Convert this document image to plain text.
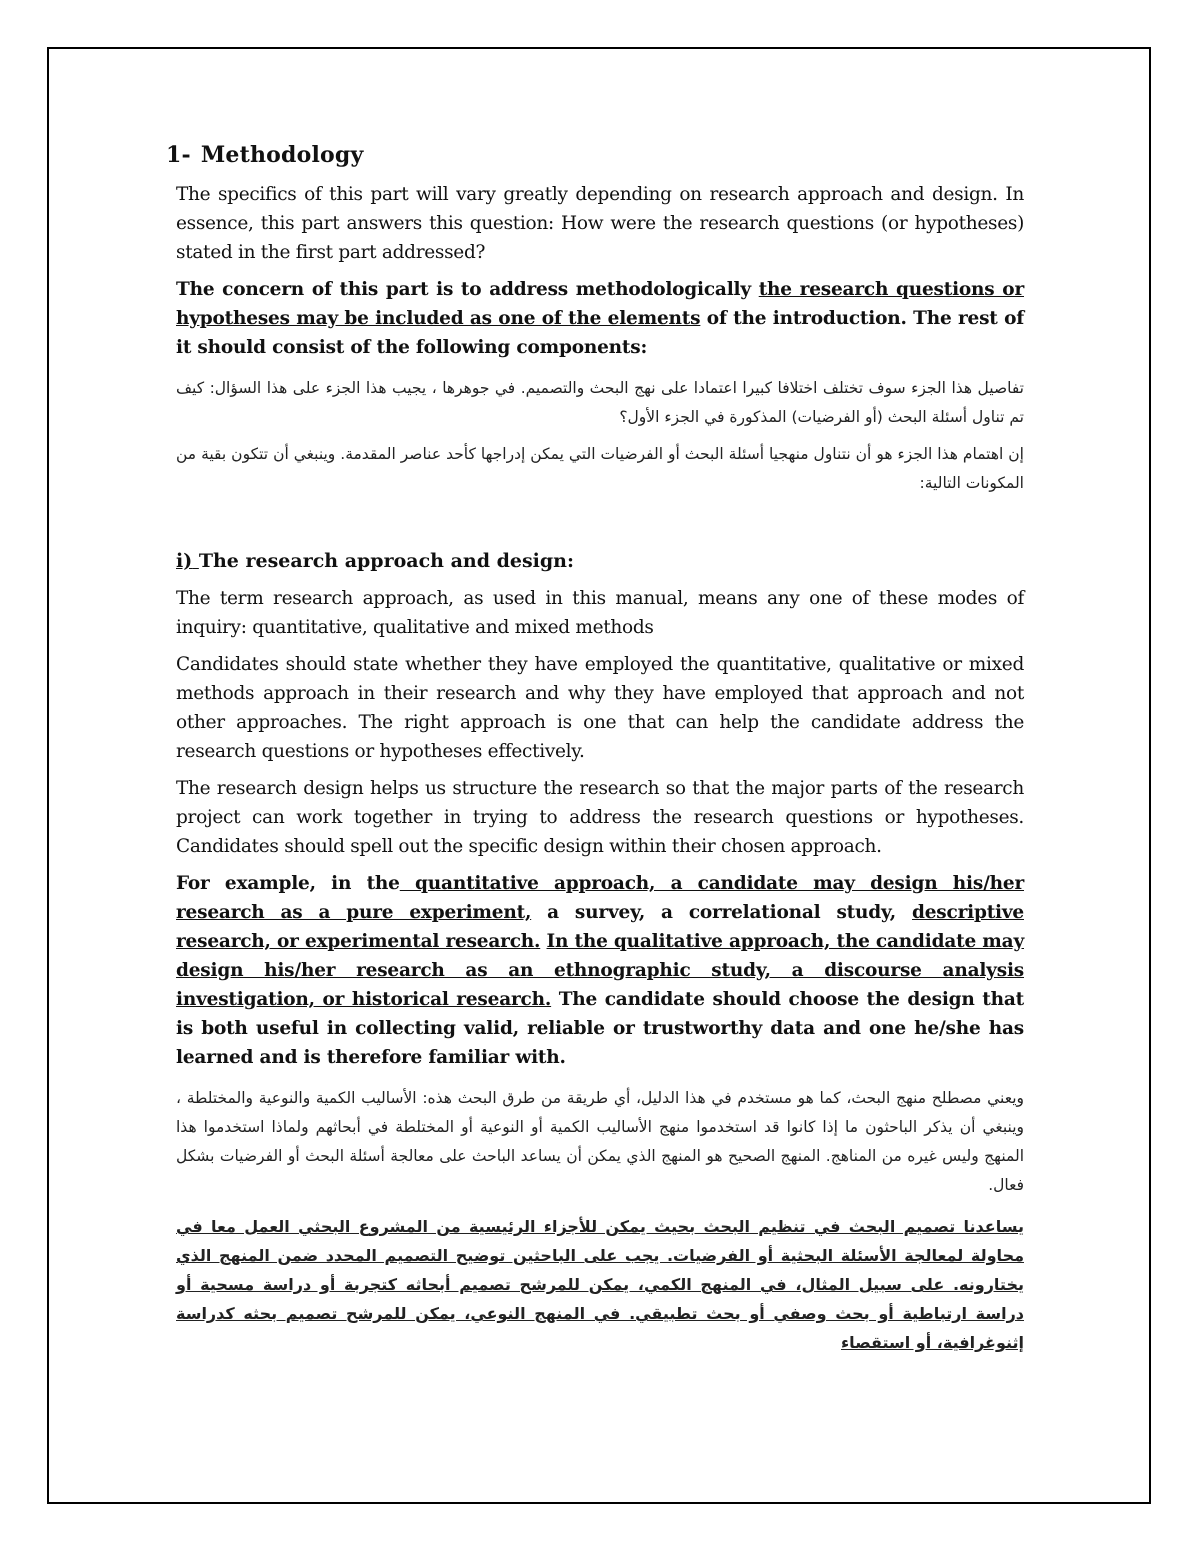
1- Methodology

The specifics of this part will vary greatly depending on research approach and design. In essence, this part answers this question: How were the research questions (or hypotheses) stated in the first part addressed?

The concern of this part is to address methodologically the research questions or hypotheses may be included as one of the elements of the introduction. The rest of it should consist of the following components:

تفاصيل هذا الجزء سوف تختلف اختلافا كبيرا اعتمادا على نهج البحث والتصميم. في جوهرها ، يجيب هذا الجزء على هذا السؤال: كيف تم تناول أسئلة البحث (أو الفرضيات) المذكورة في الجزء الأول؟

إن اهتمام هذا الجزء هو أن نتناول منهجيا أسئلة البحث أو الفرضيات التي يمكن إدراجها كأحد عناصر المقدمة. وينبغي أن تتكون بقية من المكونات التالية:

i) The research approach and design:

The term research approach, as used in this manual, means any one of these modes of inquiry: quantitative, qualitative and mixed methods

Candidates should state whether they have employed the quantitative, qualitative or mixed methods approach in their research and why they have employed that approach and not other approaches. The right approach is one that can help the candidate address the research questions or hypotheses effectively.

The research design helps us structure the research so that the major parts of the research project can work together in trying to address the research questions or hypotheses. Candidates should spell out the specific design within their chosen approach.

For example, in the quantitative approach, a candidate may design his/her research as a pure experiment, a survey, a correlational study, descriptive research, or experimental research. In the qualitative approach, the candidate may design his/her research as an ethnographic study, a discourse analysis investigation, or historical research. The candidate should choose the design that is both useful in collecting valid, reliable or trustworthy data and one he/she has learned and is therefore familiar with.

ويعني مصطلح منهج البحث، كما هو مستخدم في هذا الدليل، أي طريقة من طرق البحث هذه: الأساليب الكمية والنوعية والمختلطة ، وينبغي أن يذكر الباحثون ما إذا كانوا قد استخدموا منهج الأساليب الكمية أو النوعية أو المختلطة في أبحاثهم ولماذا استخدموا هذا المنهج وليس غيره من المناهج. المنهج الصحيح هو المنهج الذي يمكن أن يساعد الباحث على معالجة أسئلة البحث أو الفرضيات بشكل فعال.

يساعدنا تصميم البحث في تنظيم البحث بحيث يمكن للأجزاء الرئيسية من المشروع البحثي العمل معا في محاولة لمعالجة الأسئلة البحثية أو الفرضيات. يجب على الباحثين توضيح التصميم المحدد ضمن المنهج الذي يختارونه. على سبيل المثال، في المنهج الكمي، يمكن للمرشح تصميم أبحاثه كتجربة أو دراسة مسحية أو دراسة ارتباطية أو بحث وصفي أو بحث تطبيقي. في المنهج النوعي، يمكن للمرشح تصميم بحثه كدراسة إثنوغرافية، أو استقصاء
